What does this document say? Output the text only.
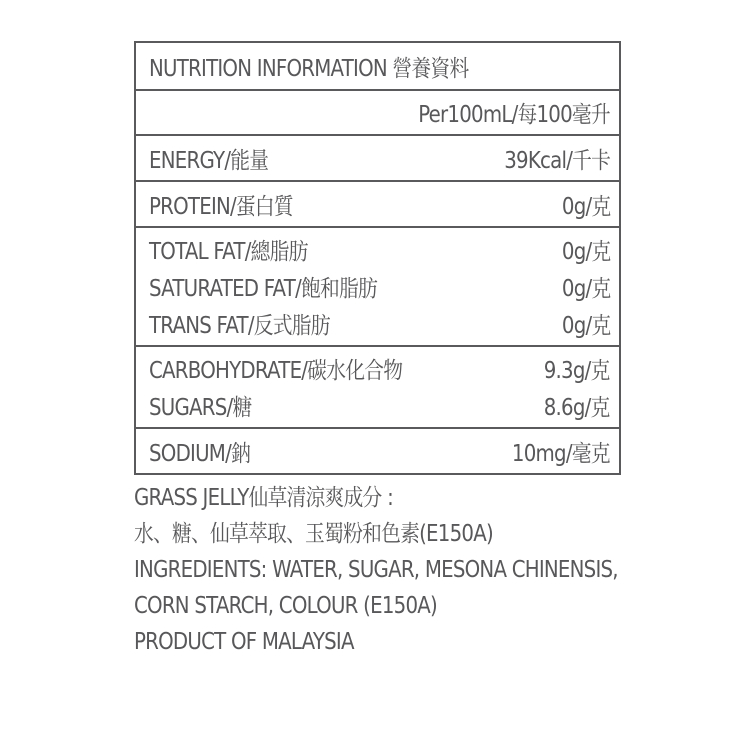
NUTRITION INFORMATION 營養資料
Per100mL/每100毫升
ENERGY/能量	39Kcal/千卡
PROTEIN/蛋白質	0g/克
TOTAL FAT/總脂肪	0g/克
SATURATED FAT/飽和脂肪	0g/克
TRANS FAT/反式脂肪	0g/克
CARBOHYDRATE/碳水化合物	9.3g/克
SUGARS/糖	8.6g/克
SODIUM/鈉	10mg/毫克
GRASS JELLY仙草清涼爽成分 :
水、糖、仙草萃取、玉蜀粉和色素(E150A)
INGREDIENTS: WATER, SUGAR, MESONA CHINENSIS,
CORN STARCH, COLOUR (E150A)
PRODUCT OF MALAYSIA
